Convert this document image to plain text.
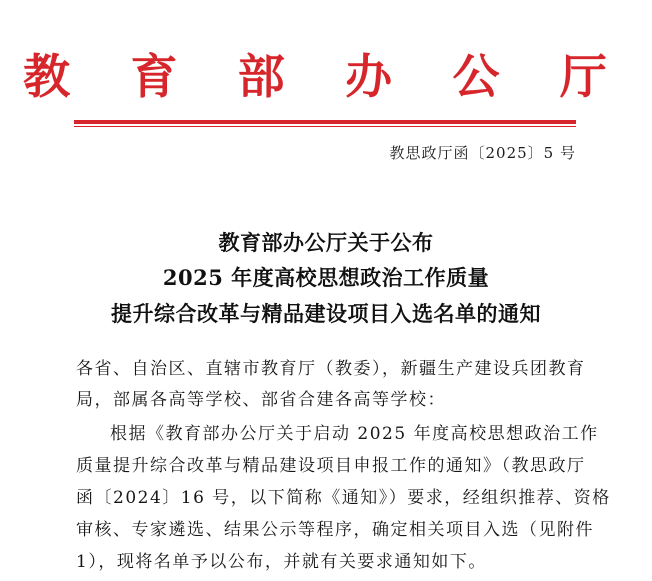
教 育 部 办 公 厅
教思政厅函〔2025〕5 号
教育部办公厅关于公布
2025 年度高校思想政治工作质量
提升综合改革与精品建设项目入选名单的通知
各省、自治区、直辖市教育厅（教委），新疆生产建设兵团教育
局，部属各高等学校、部省合建各高等学校：
根据《教育部办公厅关于启动 2025 年度高校思想政治工作
质量提升综合改革与精品建设项目申报工作的通知》（教思政厅
函〔2024〕16 号，以下简称《通知》）要求，经组织推荐、资格
审核、专家遴选、结果公示等程序，确定相关项目入选（见附件
1），现将名单予以公布，并就有关要求通知如下。
